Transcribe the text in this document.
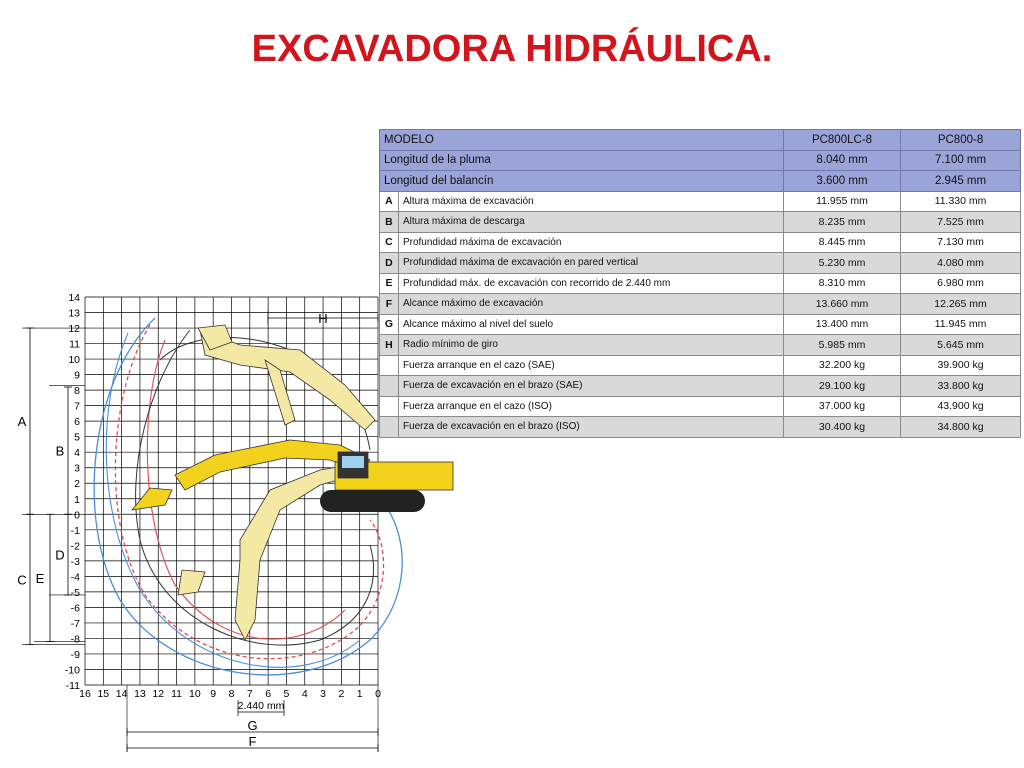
EXCAVADORA HIDRÁULICA.
MODELO		PC800LC-8	PC800-8
Longitud de la pluma		8.040 mm	7.100 mm
Longitud del balancín		3.600 mm	2.945 mm
A	Altura máxima de excavación	11.955 mm	11.330 mm
B	Altura máxima de descarga	8.235 mm	7.525 mm
C	Profundidad máxima de excavación	8.445 mm	7.130 mm
D	Profundidad máxima de excavación en pared vertical	5.230 mm	4.080 mm
E	Profundidad máx. de excavación con recorrido de 2.440 mm	8.310 mm	6.980 mm
F	Alcance máximo de excavación	13.660 mm	12.265 mm
G	Alcance máximo al nivel del suelo	13.400 mm	11.945 mm
H	Radio mínimo de giro	5.985 mm	5.645 mm
	Fuerza arranque en el cazo (SAE)	32.200 kg	39.900 kg
	Fuerza de excavación en el brazo (SAE)	29.100 kg	33.800 kg
	Fuerza arranque en el cazo (ISO)	37.000 kg	43.900 kg
	Fuerza de excavación en el brazo (ISO)	30.400 kg	34.800 kg
14
13
12
11
10
9
8
7
6
5
4
3
2
1
0
-1
-2
-3
-4
-5
-6
-7
-8
-9
-10
-11
16 15 14 13 12 11 10 9 8 7 6 5 4 3 2 1 0
A
B
C
D
E
H
G
F
2.440 mm
